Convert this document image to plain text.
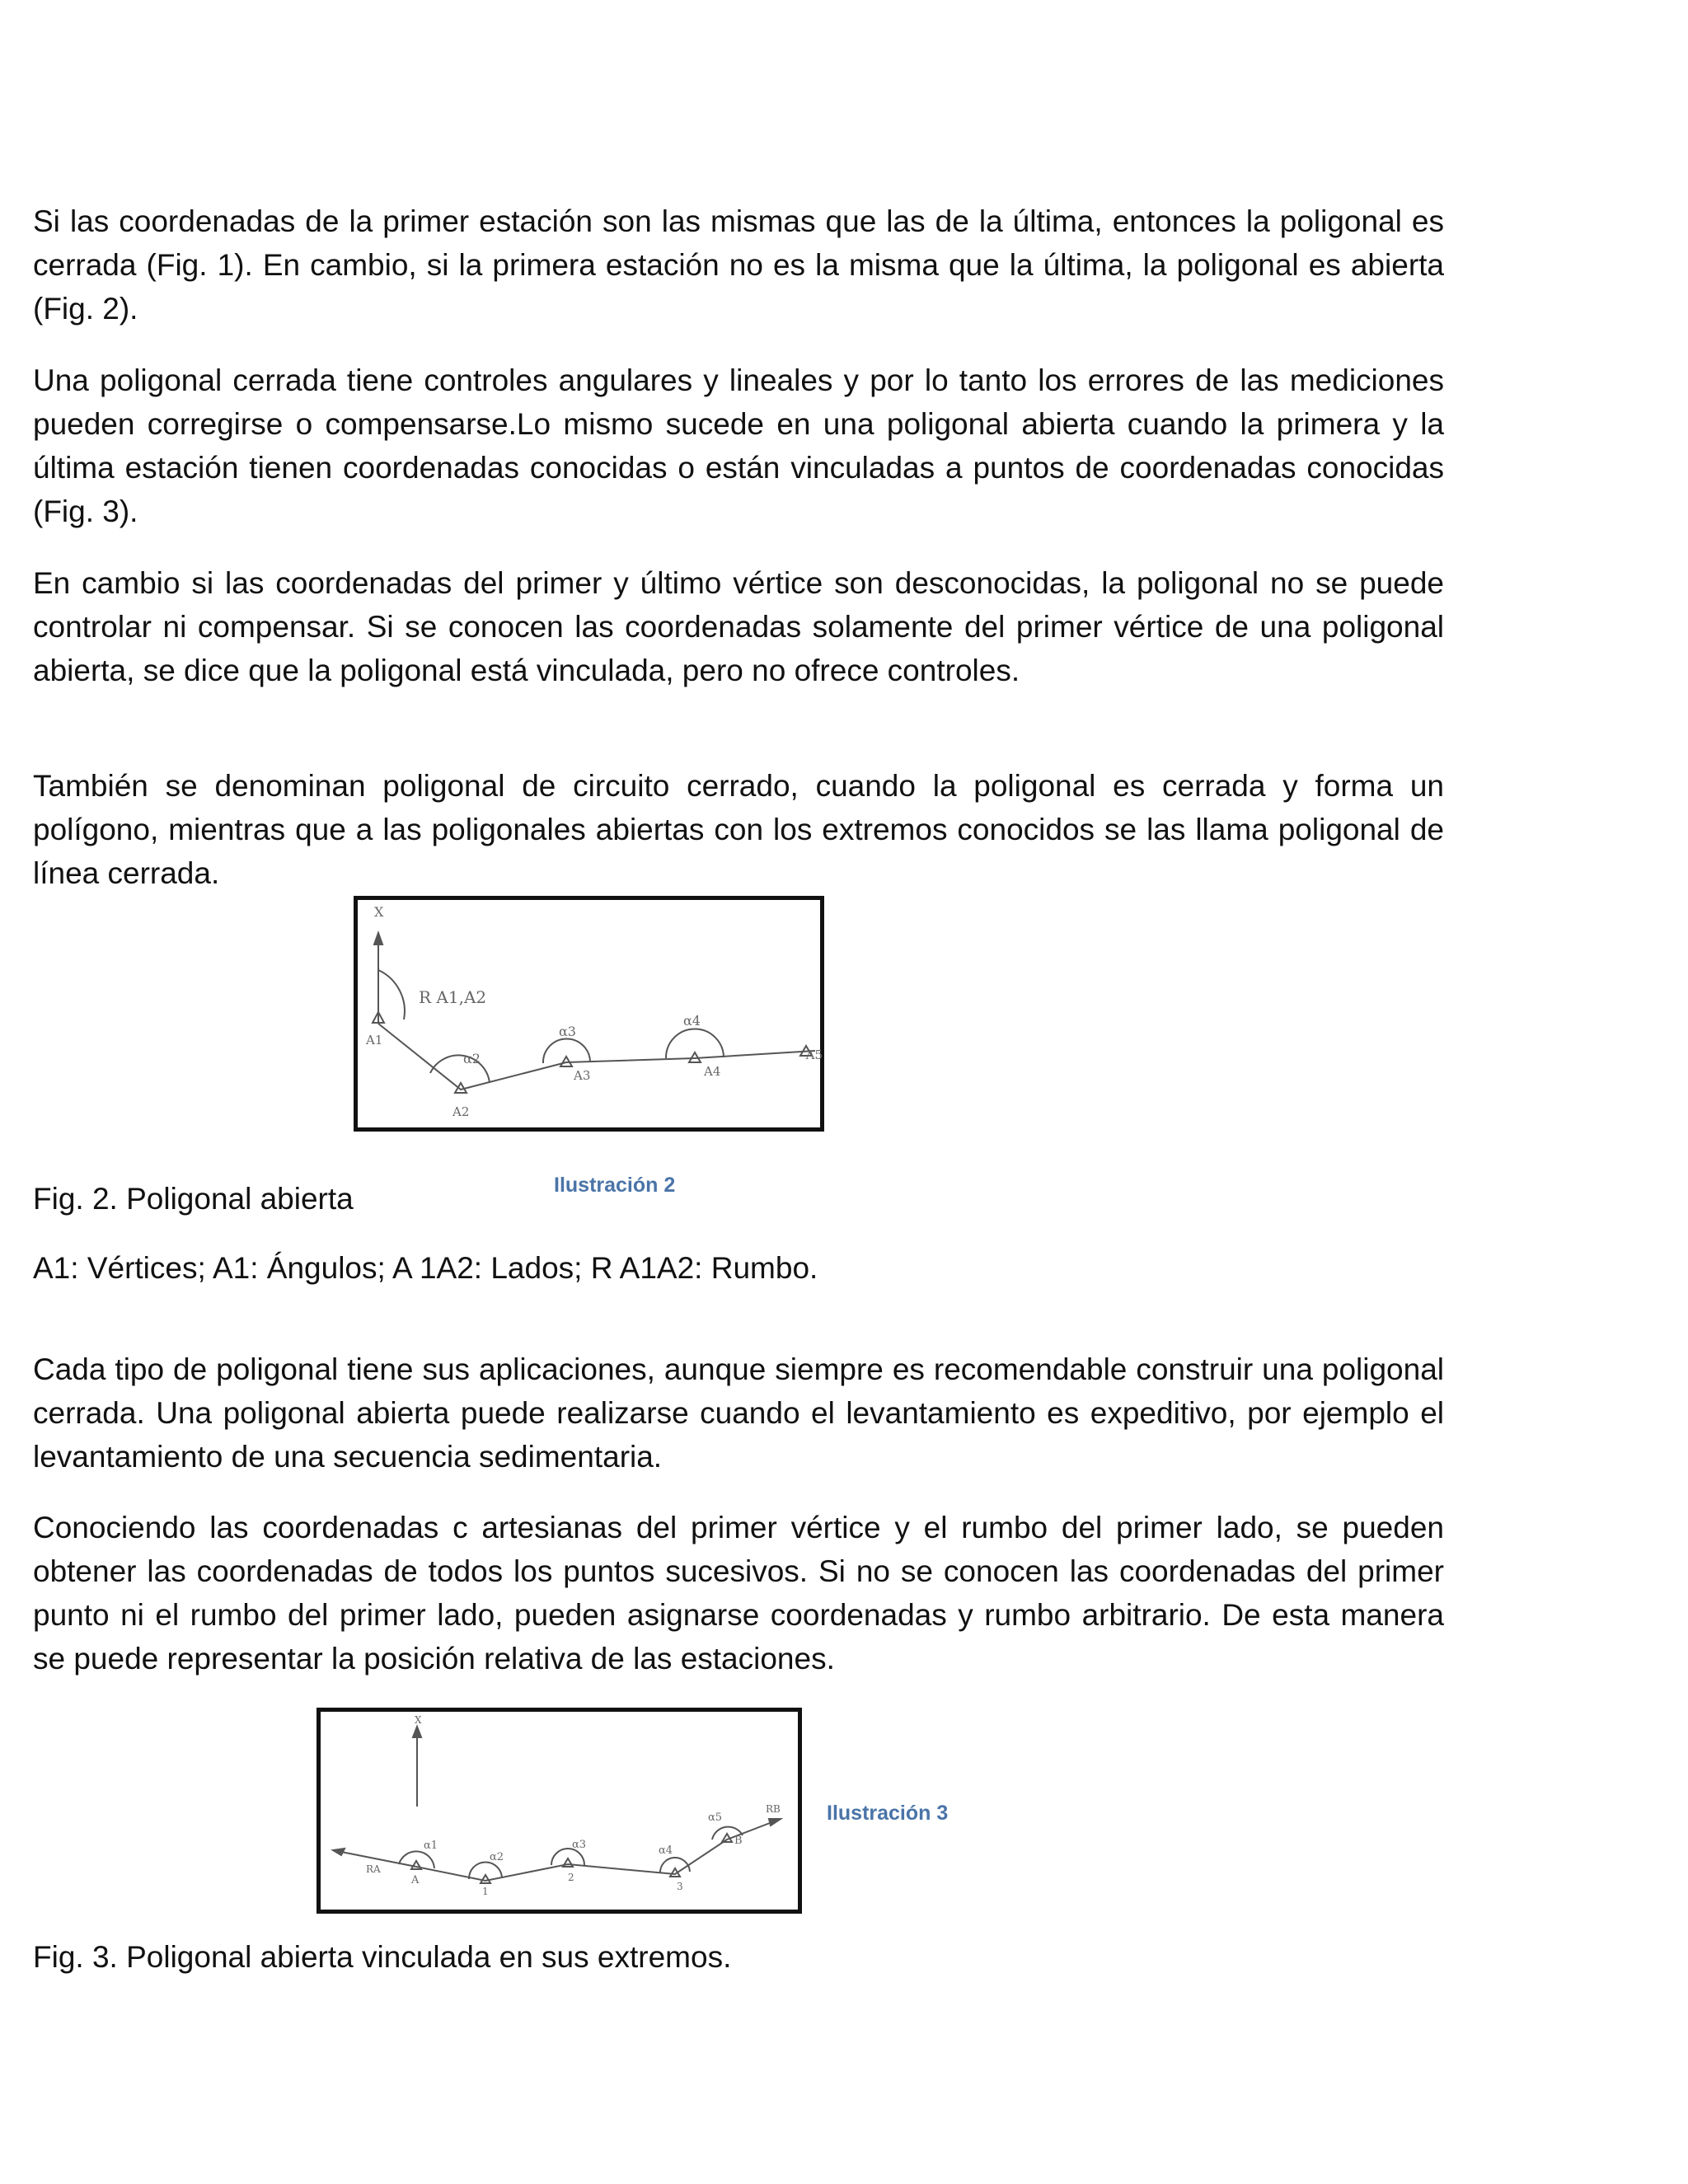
Si las coordenadas de la primer estación son las mismas que las de la última, entonces la poligonal es cerrada (Fig. 1). En cambio, si la primera estación no es la misma que la última, la poligonal es abierta (Fig. 2).

Una poligonal cerrada tiene controles angulares y lineales y por lo tanto los errores de las mediciones pueden corregirse o compensarse.Lo mismo sucede en una poligonal abierta cuando la primera y la última estación tienen coordenadas conocidas o están vinculadas a puntos de coordenadas conocidas (Fig. 3).

En cambio si las coordenadas del primer y último vértice son desconocidas, la poligonal no se puede controlar ni compensar. Si se conocen las coordenadas solamente del primer vértice de una poligonal abierta, se dice que la poligonal está vinculada, pero no ofrece controles.

También se denominan poligonal de circuito cerrado, cuando la poligonal es cerrada y forma un polígono, mientras que a las poligonales abiertas con los extremos conocidos se las llama poligonal de línea cerrada.

X
R A1,A2
A1
A2
A3	A4
A5
α2
α3
α4
Ilustración 2
Fig. 2. Poligonal abierta
A1: Vértices; A1: Ángulos; A 1A2: Lados; R A1A2: Rumbo.

Cada tipo de poligonal tiene sus aplicaciones, aunque siempre es recomendable construir una poligonal cerrada. Una poligonal abierta puede realizarse cuando el levantamiento es expeditivo, por ejemplo el levantamiento de una secuencia sedimentaria.

Conociendo las coordenadas c artesianas del primer vértice y el rumbo del primer lado, se pueden obtener las coordenadas de todos los puntos sucesivos. Si no se conocen las coordenadas del primer punto ni el rumbo del primer lado, pueden asignarse coordenadas y rumbo arbitrario. De esta manera se puede representar la posición relativa de las estaciones.

X
RA
RB
A
B
1
2
3
α1
α2
α3	α4
α5	Ilustración 3
Fig. 3. Poligonal abierta vinculada en sus extremos.
